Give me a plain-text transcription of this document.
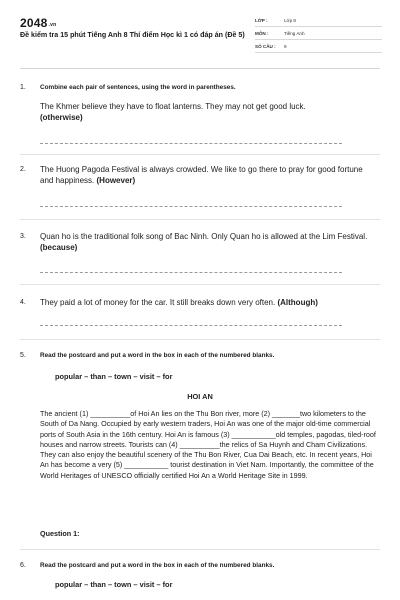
$2048^{.vn}$
Đề kiểm tra 15 phút Tiếng Anh 8 Thí điểm Học kì 1 có đáp án (Đề 5)
LỚP :	Lớp 8
MÔN :	Tiếng Anh
SỐ CÂU : 9
1.	Combine each pair of sentences, using the word in parentheses.
The Khmer believe they have to float lanterns. They may not get good luck.
(otherwise)
2.	The Huong Pagoda Festival is always crowded. We like to go there to pray for good fortune and happiness. (However)
3.	Quan ho is the traditional folk song of Bac Ninh. Only Quan ho is allowed at the Lim Festival. (because)
4.	They paid a lot of money for the car. It still breaks down very often. (Although)
5.	Read the postcard and put a word in the box in each of the numbered blanks.
popular – than – town – visit – for
HOI AN
The ancient (1) __________of Hoi An lies on the Thu Bon river, more (2) _______two kilometers to the South of Da Nang. Occupied by early western traders, Hoi An was one of the major old-time commercial ports of South Asia in the 16th century. Hoi An is famous (3) ___________old temples, pagodas, tiled-roof houses and narrow streets. Tourists can (4) __________the relics of Sa Huynh and Cham Civilizations. They can also enjoy the beautiful scenery of the Thu Bon River, Cua Dai Beach, etc. In recent years, Hoi An has become a very (5) ___________ tourist destination in Viet Nam. Importantly, the committee of the World Heritages of UNESCO officially certified Hoi An a World Heritage Site in 1999.
Question 1:
6.	Read the postcard and put a word in the box in each of the numbered blanks.
popular – than – town – visit – for
